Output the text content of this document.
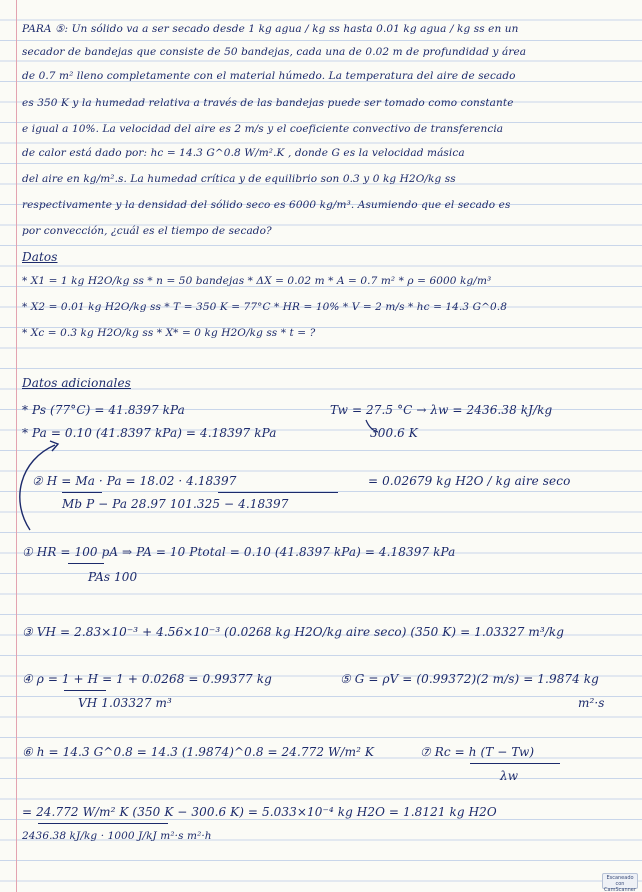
PARA ⑤: Un sólido va a ser secado desde 1 kg agua / kg ss hasta 0.01 kg agua / kg ss en un
secador de bandejas que consiste de 50 bandejas, cada una de 0.02 m de profundidad y área
de 0.7 m² lleno completamente con el material húmedo. La temperatura del aire de secado
es 350 K y la humedad relativa a través de las bandejas puede ser tomado como constante
e igual a 10%. La velocidad del aire es 2 m/s y el coeficiente convectivo de transferencia
de calor está dado por: hc = 14.3 G^0.8 W/m².K , donde G es la velocidad másica
del aire en kg/m².s. La humedad crítica y de equilibrio son 0.3 y 0 kg H2O/kg ss
respectivamente y la densidad del sólido seco es 6000 kg/m³. Asumiendo que el secado es
por convección, ¿cuál es el tiempo de secado?
Datos
* X1 = 1 kg H2O/kg ss * n = 50 bandejas * ΔX = 0.02 m * A = 0.7 m² * ρ = 6000 kg/m³
* X2 = 0.01 kg H2O/kg ss * T = 350 K = 77°C * HR = 10% * V = 2 m/s * hc = 14.3 G^0.8
* Xc = 0.3 kg H2O/kg ss * X* = 0 kg H2O/kg ss * t = ?
Datos adicionales
* Ps (77°C) = 41.8397 kPa	Tw = 27.5 °C → λw = 2436.38 kJ/kg
* Pa = 0.10 (41.8397 kPa) = 4.18397 kPa	300.6 K
② H = Ma · Pa = 18.02 · 4.18397
Mb P − Pa 28.97 101.325 − 4.18397
= 0.02679 kg H2O / kg aire seco
① HR = 100 pA ⇒ PA = 10 Ptotal = 0.10 (41.8397 kPa) = 4.18397 kPa
PAs 100
③ VH = 2.83×10⁻³ + 4.56×10⁻³ (0.0268 kg H2O/kg aire seco) (350 K) = 1.03327 m³/kg
④ ρ = 1 + H = 1 + 0.0268 = 0.99377 kg
VH 1.03327 m³
⑤ G = ρV = (0.99372)(2 m/s) = 1.9874 kg
m²·s
⑥ h = 14.3 G^0.8 = 14.3 (1.9874)^0.8 = 24.772 W/m² K	⑦ Rc = h (T − Tw)
λw
= 24.772 W/m² K (350 K − 300.6 K) = 5.033×10⁻⁴ kg H2O = 1.8121 kg H2O
2436.38 kJ/kg · 1000 J/kJ m²·s m²·h
Escaneado con
CamScanner
